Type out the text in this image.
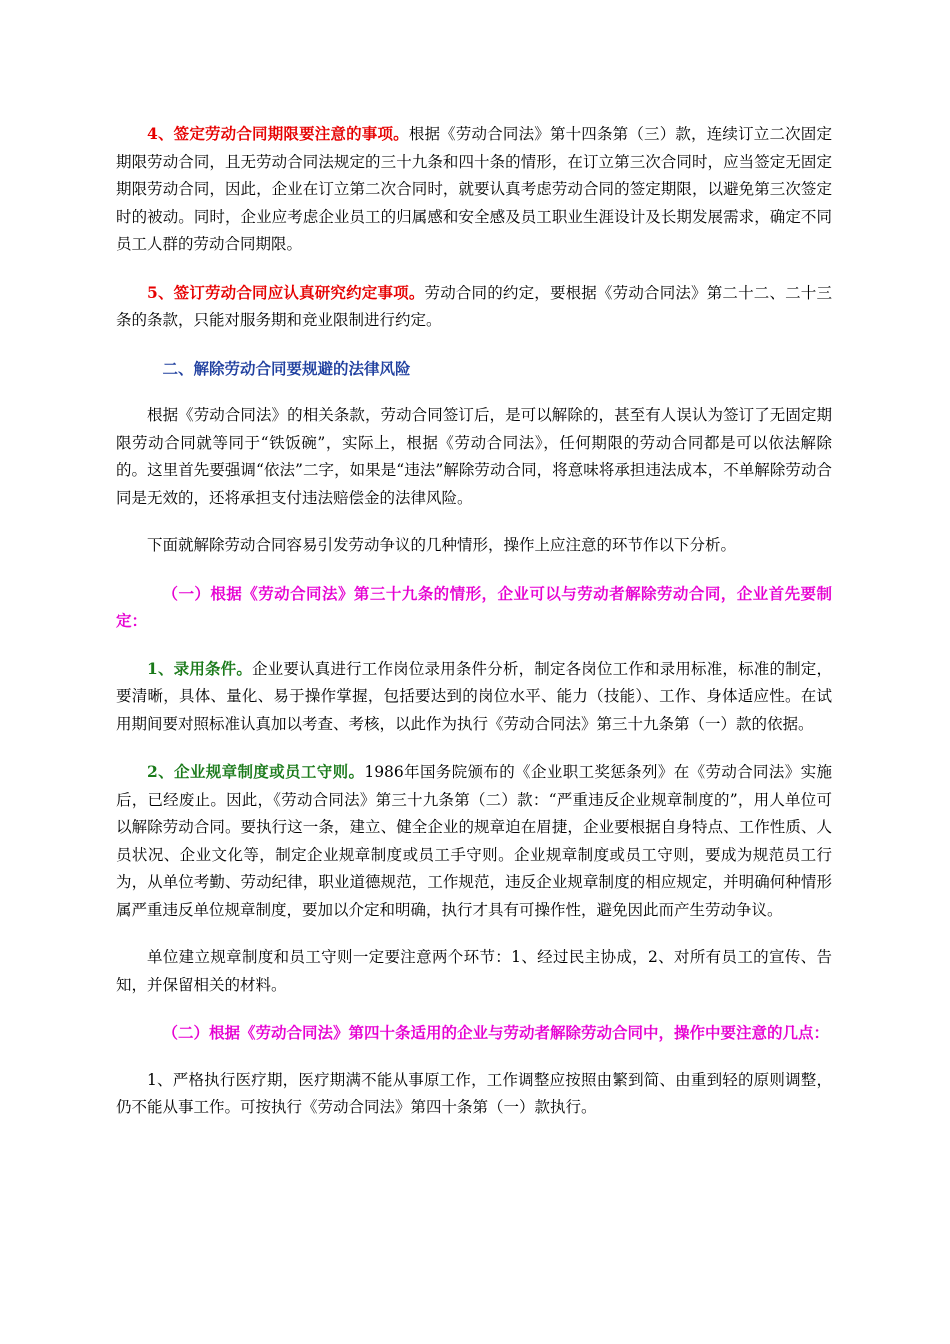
4、签定劳动合同期限要注意的事项。根据《劳动合同法》第十四条第（三）款，连续订立二次固定期限劳动合同，且无劳动合同法规定的三十九条和四十条的情形，在订立第三次合同时，应当签定无固定期限劳动合同，因此，企业在订立第二次合同时，就要认真考虑劳动合同的签定期限，以避免第三次签定时的被动。同时，企业应考虑企业员工的归属感和安全感及员工职业生涯设计及长期发展需求，确定不同员工人群的劳动合同期限。

5、签订劳动合同应认真研究约定事项。劳动合同的约定，要根据《劳动合同法》第二十二、二十三条的条款，只能对服务期和竞业限制进行约定。

二、解除劳动合同要规避的法律风险

根据《劳动合同法》的相关条款，劳动合同签订后，是可以解除的，甚至有人误认为签订了无固定期限劳动合同就等同于“铁饭碗”，实际上，根据《劳动合同法》，任何期限的劳动合同都是可以依法解除的。这里首先要强调“依法”二字，如果是“违法”解除劳动合同，将意味将承担违法成本，不单解除劳动合同是无效的，还将承担支付违法赔偿金的法律风险。

下面就解除劳动合同容易引发劳动争议的几种情形，操作上应注意的环节作以下分析。

（一）根据《劳动合同法》第三十九条的情形，企业可以与劳动者解除劳动合同，企业首先要制定：

1、录用条件。企业要认真进行工作岗位录用条件分析，制定各岗位工作和录用标准，标准的制定，要清晰，具体、量化、易于操作掌握，包括要达到的岗位水平、能力（技能）、工作、身体适应性。在试用期间要对照标准认真加以考查、考核，以此作为执行《劳动合同法》第三十九条第（一）款的依据。

2、企业规章制度或员工守则。1986年国务院颁布的《企业职工奖惩条列》在《劳动合同法》实施后，已经废止。因此，《劳动合同法》第三十九条第（二）款：“严重违反企业规章制度的”，用人单位可以解除劳动合同。要执行这一条，建立、健全企业的规章迫在眉捷，企业要根据自身特点、工作性质、人员状况、企业文化等，制定企业规章制度或员工手守则。企业规章制度或员工守则，要成为规范员工行为，从单位考勤、劳动纪律，职业道德规范，工作规范，违反企业规章制度的相应规定，并明确何种情形属严重违反单位规章制度，要加以介定和明确，执行才具有可操作性，避免因此而产生劳动争议。

单位建立规章制度和员工守则一定要注意两个环节：1、经过民主协成，2、对所有员工的宣传、告知，并保留相关的材料。

（二）根据《劳动合同法》第四十条适用的企业与劳动者解除劳动合同中，操作中要注意的几点：

1、严格执行医疗期，医疗期满不能从事原工作，工作调整应按照由繁到简、由重到轻的原则调整，仍不能从事工作。可按执行《劳动合同法》第四十条第（一）款执行。
